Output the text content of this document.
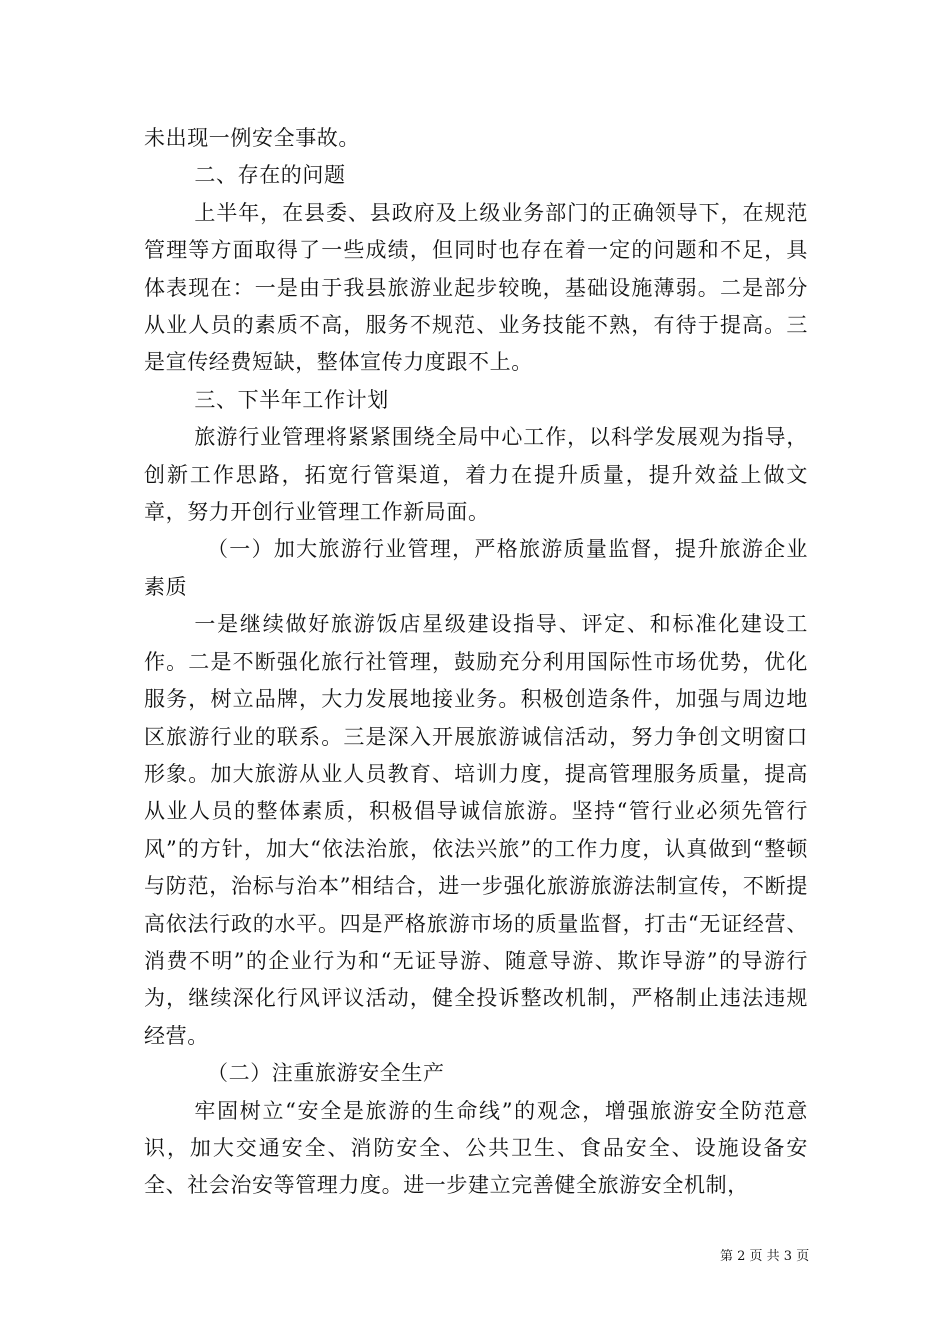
未出现一例安全事故。

二、存在的问题

上半年，在县委、县政府及上级业务部门的正确领导下，在规范管理等方面取得了一些成绩，但同时也存在着一定的问题和不足，具体表现在：一是由于我县旅游业起步较晚，基础设施薄弱。二是部分从业人员的素质不高，服务不规范、业务技能不熟，有待于提高。三是宣传经费短缺，整体宣传力度跟不上。

三、下半年工作计划

旅游行业管理将紧紧围绕全局中心工作，以科学发展观为指导，创新工作思路，拓宽行管渠道，着力在提升质量，提升效益上做文章，努力开创行业管理工作新局面。

（一）加大旅游行业管理，严格旅游质量监督，提升旅游企业素质

一是继续做好旅游饭店星级建设指导、评定、和标准化建设工作。二是不断强化旅行社管理，鼓励充分利用国际性市场优势，优化服务，树立品牌，大力发展地接业务。积极创造条件，加强与周边地区旅游行业的联系。三是深入开展旅游诚信活动，努力争创文明窗口形象。加大旅游从业人员教育、培训力度，提高管理服务质量，提高从业人员的整体素质，积极倡导诚信旅游。坚持“管行业必须先管行风”的方针，加大“依法治旅，依法兴旅”的工作力度，认真做到“整顿与防范，治标与治本”相结合，进一步强化旅游旅游法制宣传，不断提高依法行政的水平。四是严格旅游市场的质量监督，打击“无证经营、消费不明”的企业行为和“无证导游、随意导游、欺诈导游”的导游行为，继续深化行风评议活动，健全投诉整改机制，严格制止违法违规经营。

（二）注重旅游安全生产

牢固树立“安全是旅游的生命线”的观念，增强旅游安全防范意识，加大交通安全、消防安全、公共卫生、食品安全、设施设备安全、社会治安等管理力度。进一步建立完善健全旅游安全机制，

第 2 页 共 3 页
